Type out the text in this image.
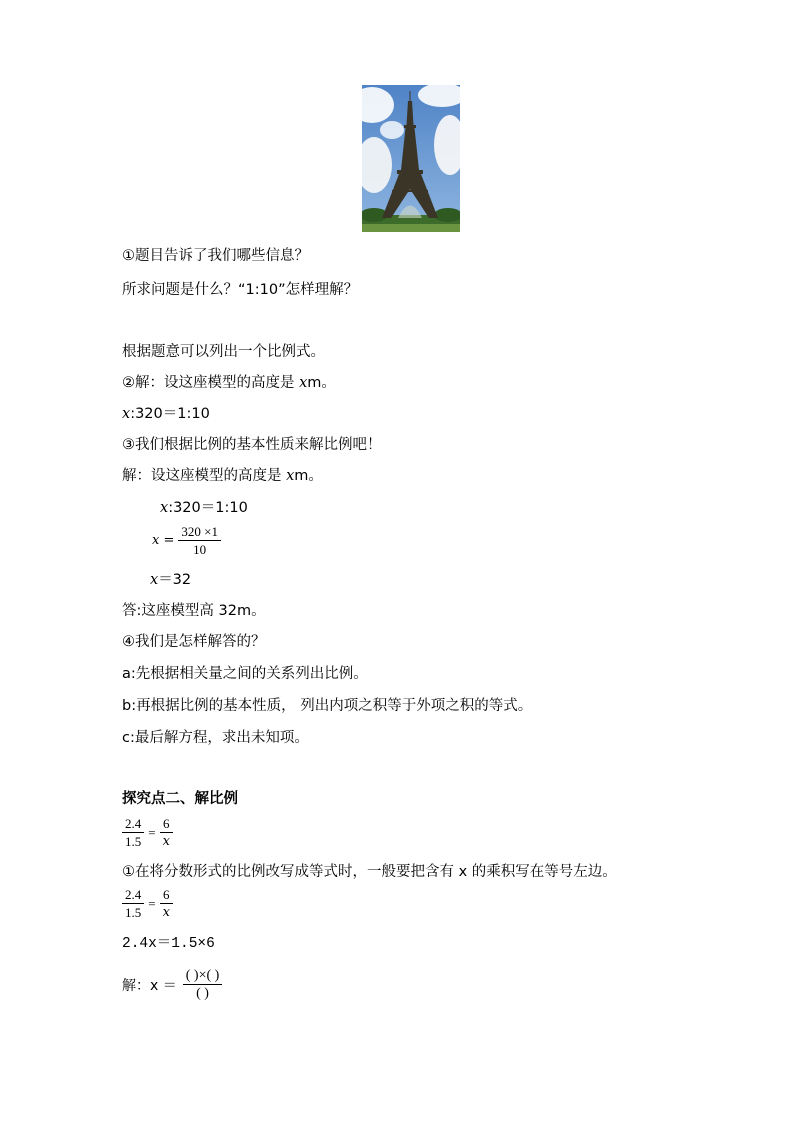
①题目告诉了我们哪些信息？
所求问题是什么？“1:10”怎样理解？
根据题意可以列出一个比例式。
②解：设这座模型的高度是 xm。
x:320＝1:10
③我们根据比例的基本性质来解比例吧！
解：设这座模型的高度是 xm。
x:320＝1:10
$x = \frac{320 \times 1}{10}$
x＝32
答:这座模型高 32m。
④我们是怎样解答的？
a:先根据相关量之间的关系列出比例。
b:再根据比例的基本性质， 列出内项之积等于外项之积的等式。
c:最后解方程，求出未知项。
探究点二、解比例
$\frac{2.4}{1.5} = \frac{6}{x}$
①在将分数形式的比例改写成等式时，一般要把含有 x 的乘积写在等号左边。
$\frac{2.4}{1.5} = \frac{6}{x}$
2.4x＝1.5×6
解：$x = \frac{( )\times( )}{( )}$
